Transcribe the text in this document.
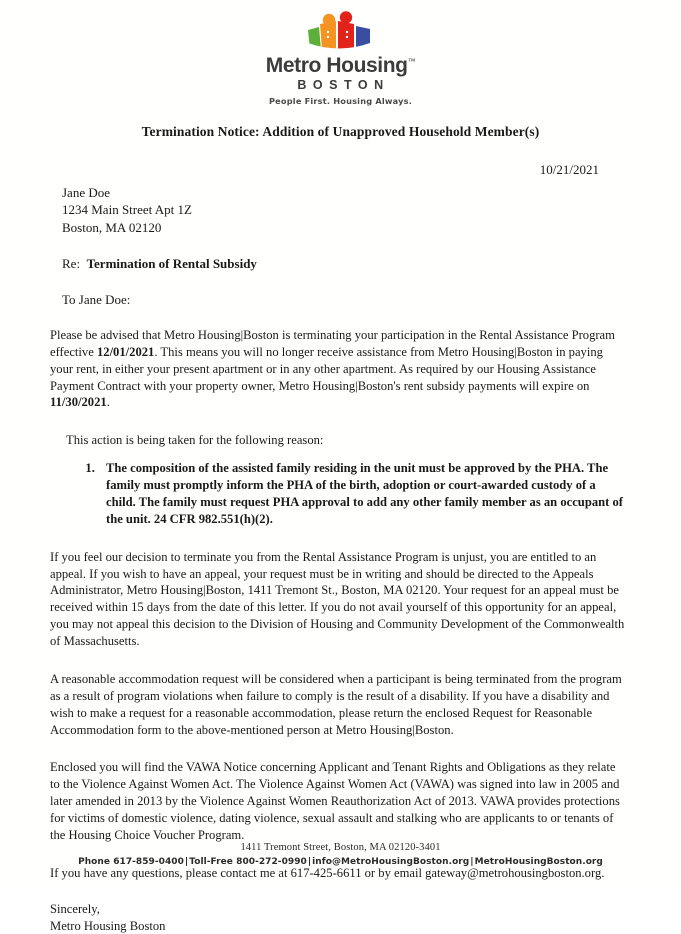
Metro Housing™
BOSTON
People First. Housing Always.
Termination Notice: Addition of Unapproved Household Member(s)
10/21/2021
Jane Doe
1234 Main Street Apt 1Z
Boston, MA 02120
Re: Termination of Rental Subsidy
To Jane Doe:

Please be advised that Metro Housing|Boston is terminating your participation in the Rental Assistance Program effective 12/01/2021. This means you will no longer receive assistance from Metro Housing|Boston in paying your rent, in either your present apartment or in any other apartment. As required by our Housing Assistance Payment Contract with your property owner, Metro Housing|Boston's rent subsidy payments will expire on 11/30/2021.

This action is being taken for the following reason:

1. The composition of the assisted family residing in the unit must be approved by the PHA. The family must promptly inform the PHA of the birth, adoption or court-awarded custody of a child. The family must request PHA approval to add any other family member as an occupant of the unit. 24 CFR 982.551(h)(2).

If you feel our decision to terminate you from the Rental Assistance Program is unjust, you are entitled to an appeal. If you wish to have an appeal, your request must be in writing and should be directed to the Appeals Administrator, Metro Housing|Boston, 1411 Tremont St., Boston, MA 02120. Your request for an appeal must be received within 15 days from the date of this letter. If you do not avail yourself of this opportunity for an appeal, you may not appeal this decision to the Division of Housing and Community Development of the Commonwealth of Massachusetts.

A reasonable accommodation request will be considered when a participant is being terminated from the program as a result of program violations when failure to comply is the result of a disability. If you have a disability and wish to make a request for a reasonable accommodation, please return the enclosed Request for Reasonable Accommodation form to the above-mentioned person at Metro Housing|Boston.

Enclosed you will find the VAWA Notice concerning Applicant and Tenant Rights and Obligations as they relate to the Violence Against Women Act. The Violence Against Women Act (VAWA) was signed into law in 2005 and later amended in 2013 by the Violence Against Women Reauthorization Act of 2013. VAWA provides protections for victims of domestic violence, dating violence, sexual assault and stalking who are applicants to or tenants of the Housing Choice Voucher Program.

If you have any questions, please contact me at 617-425-6611 or by email gateway@metrohousingboston.org.

Sincerely,
Metro Housing Boston
1411 Tremont Street, Boston, MA 02120-3401
Phone 617-859-0400|Toll-Free 800-272-0990|info@MetroHousingBoston.org|MetroHousingBoston.org
